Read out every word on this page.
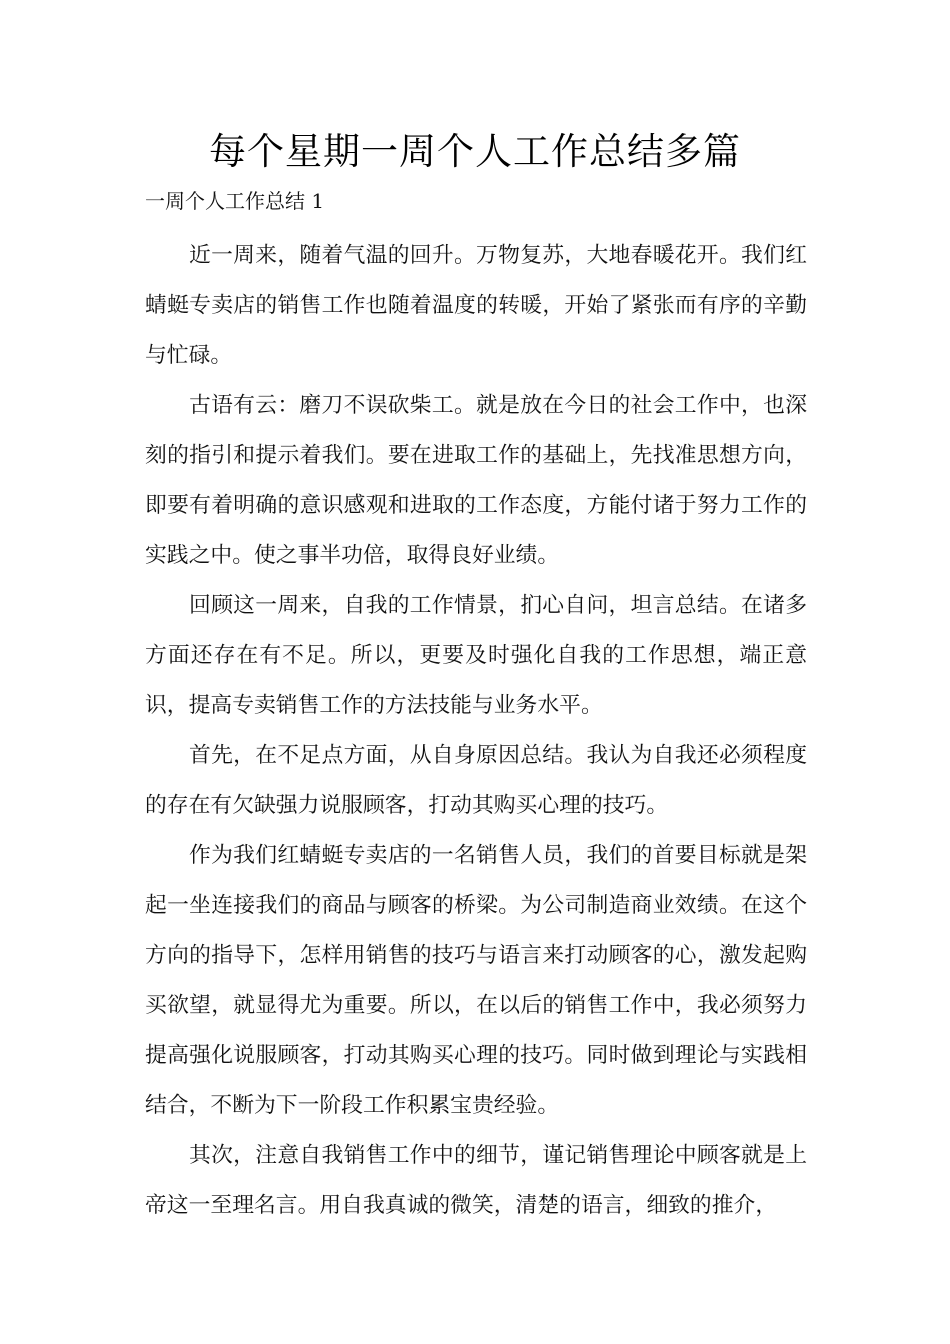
每个星期一周个人工作总结多篇

一周个人工作总结 1

近一周来，随着气温的回升。万物复苏，大地春暖花开。我们红蜻蜓专卖店的销售工作也随着温度的转暖，开始了紧张而有序的辛勤与忙碌。

古语有云：磨刀不误砍柴工。就是放在今日的社会工作中，也深刻的指引和提示着我们。要在进取工作的基础上，先找准思想方向，即要有着明确的意识感观和进取的工作态度，方能付诸于努力工作的实践之中。使之事半功倍，取得良好业绩。

回顾这一周来，自我的工作情景，扪心自问，坦言总结。在诸多方面还存在有不足。所以，更要及时强化自我的工作思想，端正意识，提高专卖销售工作的方法技能与业务水平。

首先，在不足点方面，从自身原因总结。我认为自我还必须程度的存在有欠缺强力说服顾客，打动其购买心理的技巧。

作为我们红蜻蜓专卖店的一名销售人员，我们的首要目标就是架起一坐连接我们的商品与顾客的桥梁。为公司制造商业效绩。在这个方向的指导下，怎样用销售的技巧与语言来打动顾客的心，激发起购买欲望，就显得尤为重要。所以，在以后的销售工作中，我必须努力提高强化说服顾客，打动其购买心理的技巧。同时做到理论与实践相结合，不断为下一阶段工作积累宝贵经验。

其次，注意自我销售工作中的细节，谨记销售理论中顾客就是上帝这一至理名言。用自我真诚的微笑，清楚的语言，细致的推介，
